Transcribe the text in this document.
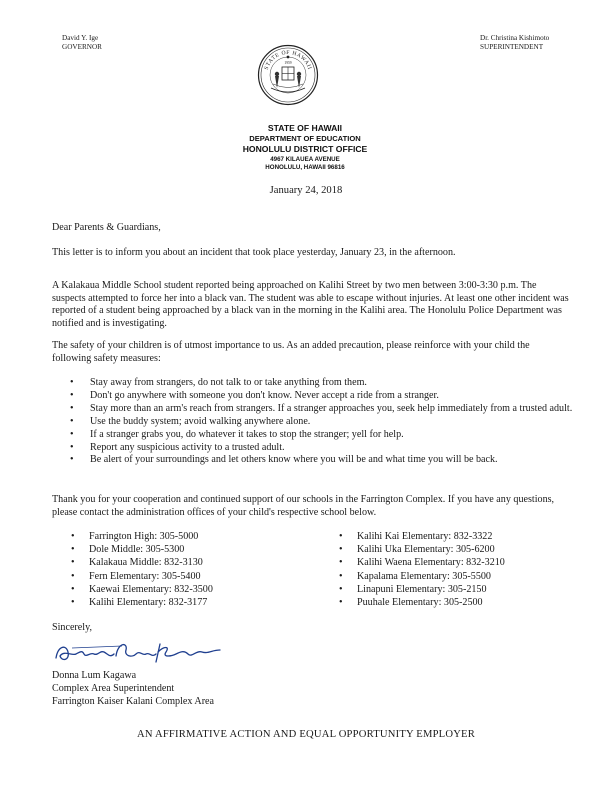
David Y. Ige
GOVERNOR
Dr. Christina Kishimoto
SUPERINTENDENT
STATE OF HAWAII
1959
STATE OF HAWAII
DEPARTMENT OF EDUCATION
HONOLULU DISTRICT OFFICE
4967 KILAUEA AVENUE
HONOLULU, HAWAII 96816
January 24, 2018

Dear Parents & Guardians,

This letter is to inform you about an incident that took place yesterday, January 23, in the afternoon.

A Kalakaua Middle School student reported being approached on Kalihi Street by two men between 3:00-3:30 p.m. The suspects attempted to force her into a black van. The student was able to escape without injuries. At least one other incident was reported of a student being approached by a black van in the morning in the Kalihi area. The Honolulu Police Department was notified and is investigating.

The safety of your children is of utmost importance to us. As an added precaution, please reinforce with your child the following safety measures:

• Stay away from strangers, do not talk to or take anything from them.
• Don't go anywhere with someone you don't know. Never accept a ride from a stranger.
• Stay more than an arm's reach from strangers. If a stranger approaches you, seek help immediately from a trusted adult.
• Use the buddy system; avoid walking anywhere alone.
• If a stranger grabs you, do whatever it takes to stop the stranger; yell for help.
• Report any suspicious activity to a trusted adult.
• Be alert of your surroundings and let others know where you will be and what time you will be back.

Thank you for your cooperation and continued support of our schools in the Farrington Complex. If you have any questions, please contact the administration offices of your child's respective school below.

• Farrington High: 305-5000
• Dole Middle: 305-5300
• Kalakaua Middle: 832-3130
• Fern Elementary: 305-5400
• Kaewai Elementary: 832-3500
• Kalihi Elementary: 832-3177
• Kalihi Kai Elementary: 832-3322
• Kalihi Uka Elementary: 305-6200
• Kalihi Waena Elementary: 832-3210
• Kapalama Elementary: 305-5500
• Linapuni Elementary: 305-2150
• Puuhale Elementary: 305-2500

Sincerely,

Donna Lum Kagawa
Complex Area Superintendent
Farrington Kaiser Kalani Complex Area
AN AFFIRMATIVE ACTION AND EQUAL OPPORTUNITY EMPLOYER
